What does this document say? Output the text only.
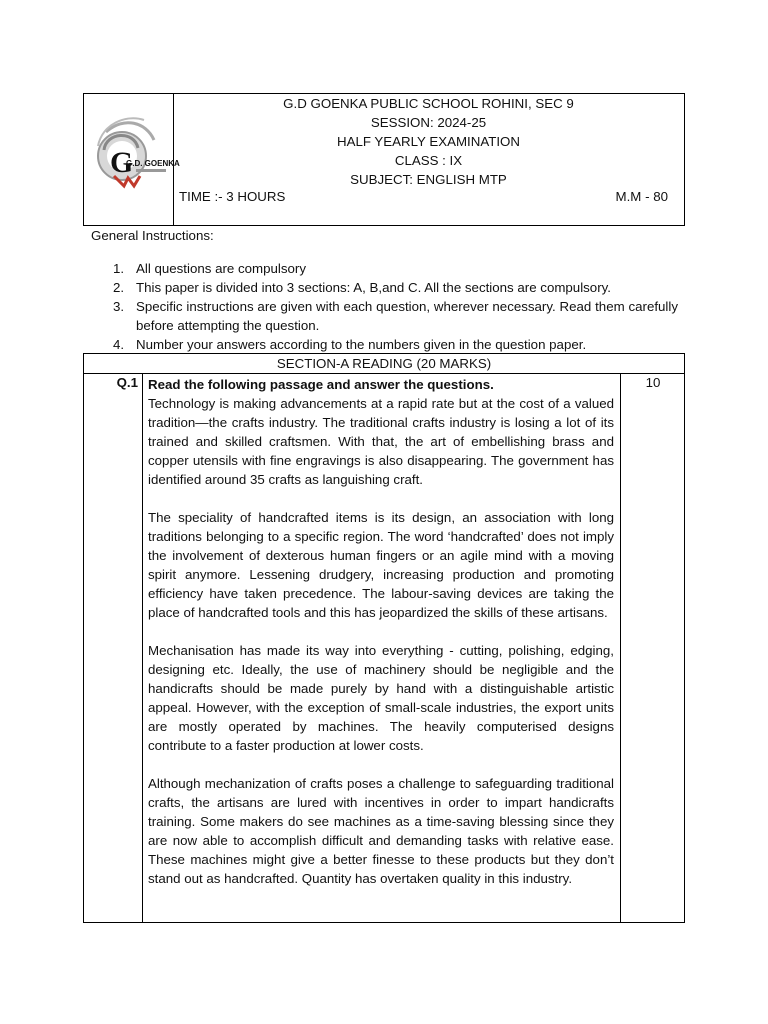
G
G.D. GOENKA
G.D GOENKA PUBLIC SCHOOL ROHINI, SEC 9
SESSION: 2024-25
HALF YEARLY EXAMINATION
CLASS : IX
SUBJECT: ENGLISH MTP
TIME :- 3 HOURS	M.M - 80
General Instructions:
1. All questions are compulsory
2. This paper is divided into 3 sections: A, B,and C. All the sections are compulsory.
3. Specific instructions are given with each question, wherever necessary. Read them carefully before attempting the question.
4. Number your answers according to the numbers given in the question paper.
SECTION-A READING (20 MARKS)
Q.1	10

Read the following passage and answer the questions.

Technology is making advancements at a rapid rate but at the cost of a valued tradition—the crafts industry. The traditional crafts industry is losing a lot of its trained and skilled craftsmen. With that, the art of embellishing brass and copper utensils with fine engravings is also disappearing. The government has identified around 35 crafts as languishing craft.

The speciality of handcrafted items is its design, an association with long traditions belonging to a specific region. The word ‘handcrafted’ does not imply the involvement of dexterous human fingers or an agile mind with a moving spirit anymore. Lessening drudgery, increasing production and promoting efficiency have taken precedence. The labour-saving devices are taking the place of handcrafted tools and this has jeopardized the skills of these artisans.

Mechanisation has made its way into everything - cutting, polishing, edging, designing etc. Ideally, the use of machinery should be negligible and the handicrafts should be made purely by hand with a distinguishable artistic appeal. However, with the exception of small-scale industries, the export units are mostly operated by machines. The heavily computerised designs contribute to a faster production at lower costs.

Although mechanization of crafts poses a challenge to safeguarding traditional crafts, the artisans are lured with incentives in order to impart handicrafts training. Some makers do see machines as a time-saving blessing since they are now able to accomplish difficult and demanding tasks with relative ease. These machines might give a better finesse to these products but they don’t stand out as handcrafted. Quantity has overtaken quality in this industry.
